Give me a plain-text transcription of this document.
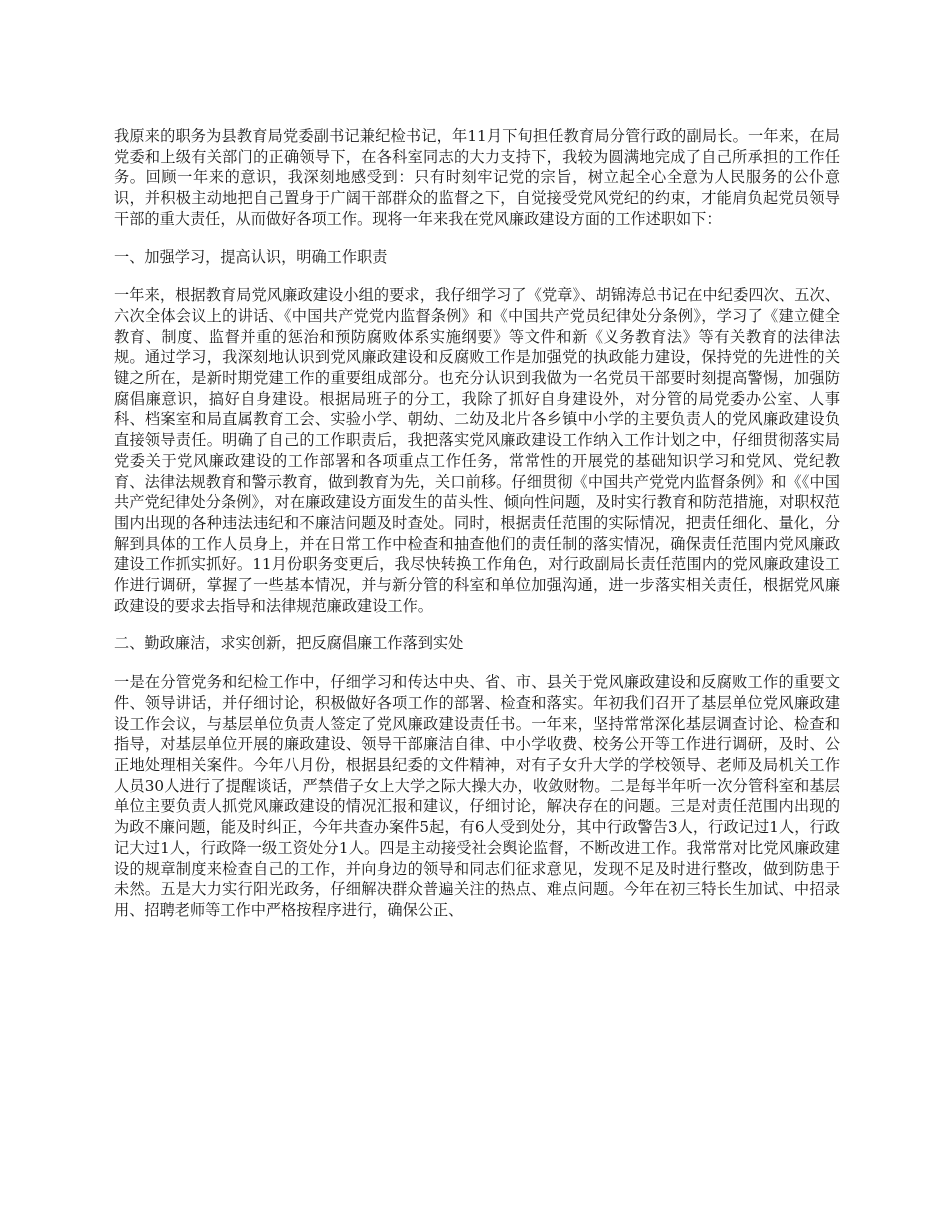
我原来的职务为县教育局党委副书记兼纪检书记，年11月下旬担任教育局分管行政的副局长。一年来，在局党委和上级有关部门的正确领导下，在各科室同志的大力支持下，我较为圆满地完成了自己所承担的工作任务。回顾一年来的意识，我深刻地感受到：只有时刻牢记党的宗旨，树立起全心全意为人民服务的公仆意识，并积极主动地把自己置身于广阔干部群众的监督之下，自觉接受党风党纪的约束，才能肩负起党员领导干部的重大责任，从而做好各项工作。现将一年来我在党风廉政建设方面的工作述职如下：

一、加强学习，提高认识，明确工作职责

一年来，根据教育局党风廉政建设小组的要求，我仔细学习了《党章》、胡锦涛总书记在中纪委四次、五次、六次全体会议上的讲话、《中国共产党党内监督条例》和《中国共产党员纪律处分条例》，学习了《建立健全教育、制度、监督并重的惩治和预防腐败体系实施纲要》等文件和新《义务教育法》等有关教育的法律法规。通过学习，我深刻地认识到党风廉政建设和反腐败工作是加强党的执政能力建设，保持党的先进性的关键之所在，是新时期党建工作的重要组成部分。也充分认识到我做为一名党员干部要时刻提高警惕，加强防腐倡廉意识，搞好自身建设。根据局班子的分工，我除了抓好自身建设外，对分管的局党委办公室、人事科、档案室和局直属教育工会、实验小学、朝幼、二幼及北片各乡镇中小学的主要负责人的党风廉政建设负直接领导责任。明确了自己的工作职责后，我把落实党风廉政建设工作纳入工作计划之中，仔细贯彻落实局党委关于党风廉政建设的工作部署和各项重点工作任务，常常性的开展党的基础知识学习和党风、党纪教育、法律法规教育和警示教育，做到教育为先，关口前移。仔细贯彻《中国共产党党内监督条例》和《《中国共产党纪律处分条例》，对在廉政建设方面发生的苗头性、倾向性问题，及时实行教育和防范措施，对职权范围内出现的各种违法违纪和不廉洁问题及时查处。同时，根据责任范围的实际情况，把责任细化、量化，分解到具体的工作人员身上，并在日常工作中检查和抽查他们的责任制的落实情况，确保责任范围内党风廉政建设工作抓实抓好。11月份职务变更后，我尽快转换工作角色，对行政副局长责任范围内的党风廉政建设工作进行调研，掌握了一些基本情况，并与新分管的科室和单位加强沟通，进一步落实相关责任，根据党风廉政建设的要求去指导和法律规范廉政建设工作。

二、勤政廉洁，求实创新，把反腐倡廉工作落到实处

一是在分管党务和纪检工作中，仔细学习和传达中央、省、市、县关于党风廉政建设和反腐败工作的重要文件、领导讲话，并仔细讨论，积极做好各项工作的部署、检查和落实。年初我们召开了基层单位党风廉政建设工作会议，与基层单位负责人签定了党风廉政建设责任书。一年来，坚持常常深化基层调查讨论、检查和指导，对基层单位开展的廉政建设、领导干部廉洁自律、中小学收费、校务公开等工作进行调研，及时、公正地处理相关案件。今年八月份，根据县纪委的文件精神，对有子女升大学的学校领导、老师及局机关工作人员30人进行了提醒谈话，严禁借子女上大学之际大操大办，收敛财物。二是每半年听一次分管科室和基层单位主要负责人抓党风廉政建设的情况汇报和建议，仔细讨论，解决存在的问题。三是对责任范围内出现的为政不廉问题，能及时纠正，今年共查办案件5起，有6人受到处分，其中行政警告3人，行政记过1人，行政记大过1人，行政降一级工资处分1人。四是主动接受社会舆论监督，不断改进工作。我常常对比党风廉政建设的规章制度来检查自己的工作，并向身边的领导和同志们征求意见，发现不足及时进行整改，做到防患于未然。五是大力实行阳光政务，仔细解决群众普遍关注的热点、难点问题。今年在初三特长生加试、中招录用、招聘老师等工作中严格按程序进行，确保公正、
